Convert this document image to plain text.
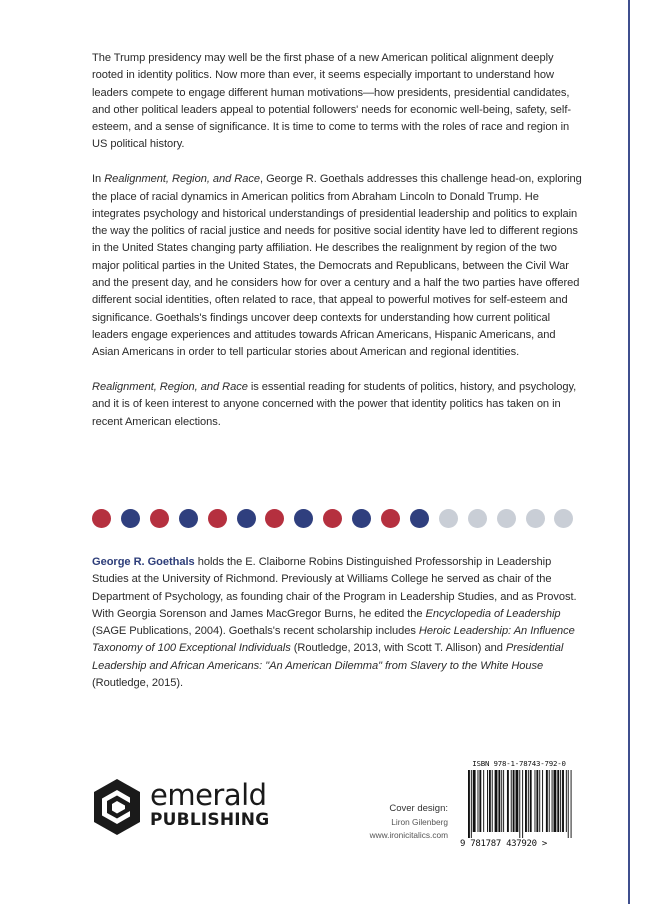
The Trump presidency may well be the first phase of a new American political alignment deeply rooted in identity politics. Now more than ever, it seems especially important to understand how leaders compete to engage different human motivations—how presidents, presidential candidates, and other political leaders appeal to potential followers' needs for economic well-being, safety, self-esteem, and a sense of significance. It is time to come to terms with the roles of race and region in US political history.

In Realignment, Region, and Race, George R. Goethals addresses this challenge head-on, exploring the place of racial dynamics in American politics from Abraham Lincoln to Donald Trump. He integrates psychology and historical understandings of presidential leadership and politics to explain the way the politics of racial justice and needs for positive social identity have led to different regions in the United States changing party affiliation. He describes the realignment by region of the two major political parties in the United States, the Democrats and Republicans, between the Civil War and the present day, and he considers how for over a century and a half the two parties have offered different social identities, often related to race, that appeal to powerful motives for self-esteem and significance. Goethals's findings uncover deep contexts for understanding how current political leaders engage experiences and attitudes towards African Americans, Hispanic Americans, and Asian Americans in order to tell particular stories about American and regional identities.

Realignment, Region, and Race is essential reading for students of politics, history, and psychology, and it is of keen interest to anyone concerned with the power that identity politics has taken on in recent American elections.

George R. Goethals holds the E. Claiborne Robins Distinguished Professorship in Leadership Studies at the University of Richmond. Previously at Williams College he served as chair of the Department of Psychology, as founding chair of the Program in Leadership Studies, and as Provost. With Georgia Sorenson and James MacGregor Burns, he edited the Encyclopedia of Leadership (SAGE Publications, 2004). Goethals's recent scholarship includes Heroic Leadership: An Influence Taxonomy of 100 Exceptional Individuals (Routledge, 2013, with Scott T. Allison) and Presidential Leadership and African Americans: "An American Dilemma" from Slavery to the White House (Routledge, 2015).

emerald
PUBLISHING
Cover design:
Liron Gilenberg
www.ironicitalics.com
ISBN 978-1-78743-792-0
9 781787 437920 >
